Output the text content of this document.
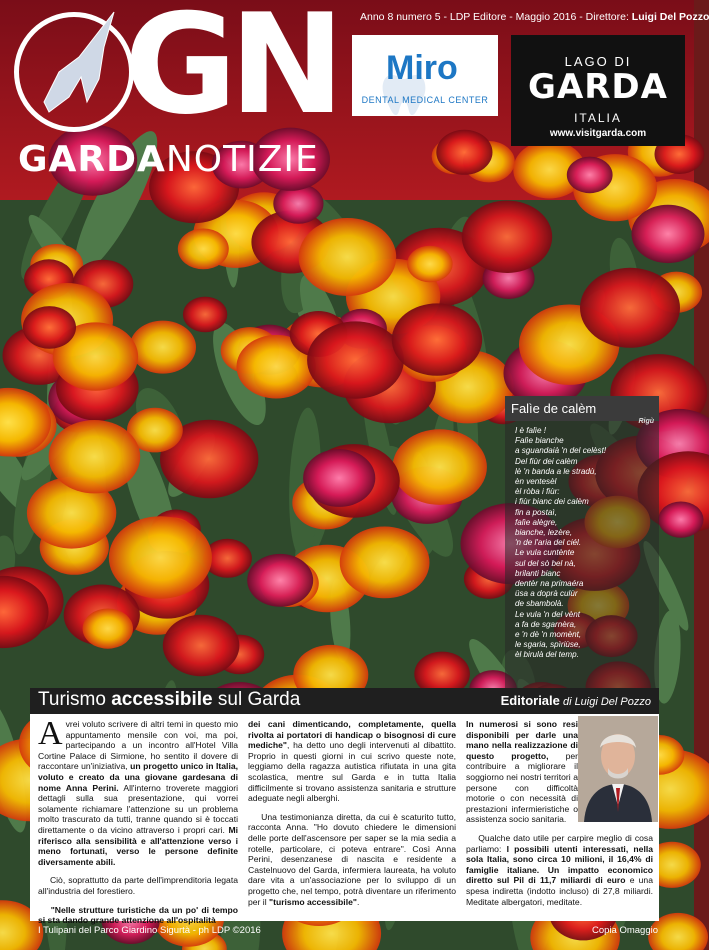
GN
GARDANOTIZIE
Anno 8 numero 5 - LDP Editore - Maggio 2016 - Direttore: Luigi Del Pozzo
Miro
DENTAL MEDICAL CENTER
LAGO DI
GARDA
ITALIA
www.visitgarda.com
Falìe de calèm
Rigù
I è falìe !
Falìe bianche
a sguandaià 'n del celèst!
Del fiùr dei calèm
lè 'n banda a le stradù,
èn ventesèl
èl ròba i fiùr:
i fiùr bianc dei calèm
fin a postaì,
falìe alègre,
bianche, lezère,
'n de l'aria del ciél.
Le vula cuntènte
sul del sò bel nà,
brilanti bianc
dentèr na primaéra
üsa a doprà culùr
de sbambolà.
Le vula 'n del vènt
a fa de sgarnèra,
e 'n dè 'n momènt,
le sgaria, spìriùse,
èl birulà del temp.
Turismo accessibile sul Garda	Editoriale di Luigi Del Pozzo

Avrei voluto scrivere di altri temi in questo mio appuntamento mensile con voi, ma poi, partecipando a un incontro all'Hotel Villa Cortine Palace di Sirmione, ho sentito il dovere di raccontare un'iniziativa, un progetto unico in Italia, voluto e creato da una giovane gardesana di nome Anna Perini. All'interno troverete maggiori dettagli sulla sua presentazione, qui vorrei solamente richiamare l'attenzione su un problema molto trascurato da tutti, tranne quando si è toccati direttamente o da vicino attraverso i propri cari. Mi riferisco alla sensibilità e all'attenzione verso i meno fortunati, verso le persone definite diversamente abili.

Ciò, soprattutto da parte dell'imprenditoria legata all'industria del forestiero.

"Nelle strutture turistiche da un po' di tempo si sta dando grande attenzione all'ospitalità

dei cani dimenticando, completamente, quella rivolta ai portatori di handicap o bisognosi di cure mediche", ha detto uno degli intervenuti al dibattito. Proprio in questi giorni in cui scrivo queste note, leggiamo della ragazza autistica rifiutata in una gita scolastica, mentre sul Garda e in tutta Italia difficilmente si trovano assistenza sanitaria e strutture adeguate negli alberghi.

Una testimonianza diretta, da cui è scaturito tutto, racconta Anna. "Ho dovuto chiedere le dimensioni delle porte dell'ascensore per saper se la mia sedia a rotelle, particolare, ci poteva entrare". Così Anna Perini, desenzanese di nascita e residente a Castelnuovo del Garda, infermiera laureata, ha voluto dare vita a un'associazione per lo sviluppo di un progetto che, nel tempo, potrà diventare un riferimento per il "turismo accessibile".

In numerosi si sono resi disponibili per darle una mano nella realizzazione di questo progetto, per contribuire a migliorare il soggiorno nei nostri territori a persone con difficoltà motorie o con necessità di prestazioni infermieristiche o assistenza socio sanitaria.

Qualche dato utile per carpire meglio di cosa parliamo: I possibili utenti interessati, nella sola Italia, sono circa 10 milioni, il 16,4% di famiglie italiane. Un impatto economico diretto sul Pil di 11,7 miliardi di euro e una spesa indiretta (indotto incluso) di 27,8 miliardi. Meditate albergatori, meditate.

I Tulipani del Parco Giardino Sigurtà - ph LDP ©2016	Copia Omaggio
